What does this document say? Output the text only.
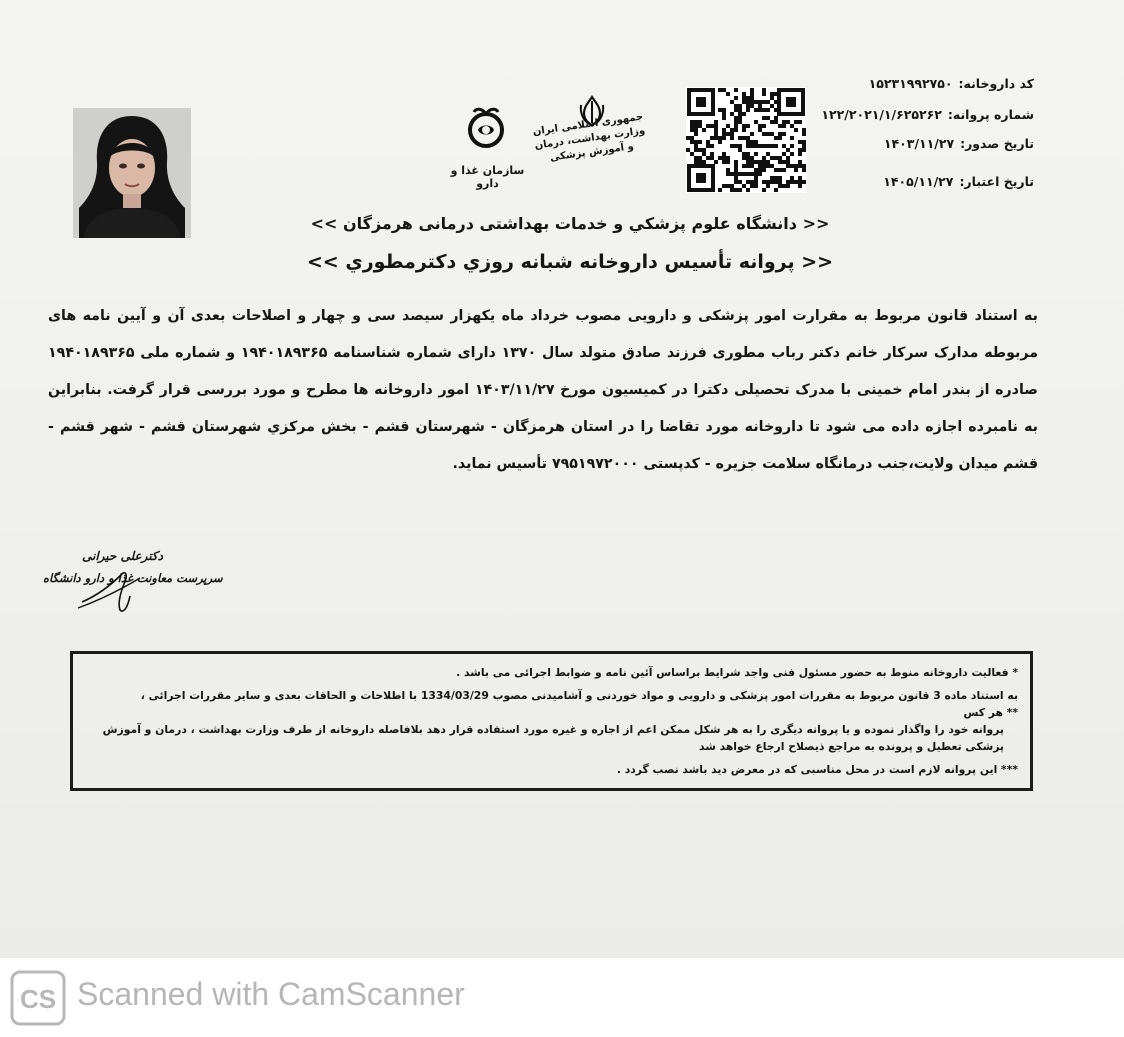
کد داروخانه:۱۵۲۳۱۹۹۲۷۵۰
شماره پروانه:۱۲۲/۲۰۲۱/۱/۶۲۵۲۶۲
تاریخ صدور:۱۴۰۳/۱۱/۲۷
تاریخ اعتبار:۱۴۰۵/۱۱/۲۷
جمهوری اسلامی ایران وزارت بهداشت، درمان و آموزش پزشکی
سازمان غذا و دارو
<< دانشگاه علوم پزشكي و خدمات بهداشتی درمانی هرمزگان >>
<< پروانه تأسیس داروخانه شبانه روزي دكترمطوري >>
به استناد قانون مربوط به مقرارت امور پزشکی و دارویی مصوب خرداد ماه یکهزار سیصد سی و چهار و اصلاحات بعدی آن و آیین نامه های مربوطه مدارک سرکار خانم دکتر رباب مطوری فرزند صادق متولد سال ۱۳۷۰ دارای شماره شناسنامه ۱۹۴۰۱۸۹۳۶۵ و شماره ملی ۱۹۴۰۱۸۹۳۶۵ صادره از بندر امام خمینی با مدرک تحصیلی دکترا در کمیسیون مورخ ۱۴۰۳/۱۱/۲۷ امور داروخانه ها مطرح و مورد بررسی قرار گرفت. بنابراین به نامبرده اجازه داده می شود تا داروخانه مورد تقاضا را در استان هرمزگان - شهرستان قشم - بخش مرکزي شهرستان قشم - شهر قشم - قشم میدان ولایت،جنب درمانگاه سلامت جزیره - کدپستی ۷۹۵۱۹۷۲۰۰۰ تأسیس نماید.
دکترعلی حیرانی
سرپرست معاونت غذا و دارو دانشگاه

* فعالیت داروخانه منوط به حضور مسئول فنی واجد شرایط براساس آئین نامه و ضوابط اجرائی می باشد .

به استناد ماده 3 قانون مربوط به مقررات امور پزشکی و دارویی و مواد خوردنی و آشامیدنی مصوب 1334/03/29 با اطلاحات و الحاقات بعدی و سایر مقررات اجرائی ،

** هر کس

پروانه خود را واگذار نموده و یا پروانه دیگری را به هر شکل ممکن اعم از اجاره و غیره مورد استفاده قرار دهد بلافاصله داروخانه از طرف وزارت بهداشت ، درمان و آموزش پزشکی تعطیل و پرونده به مراجع ذیصلاح ارجاع خواهد شد

*** این پروانه لازم است در محل مناسبی که در معرض دید باشد نصب گردد .

CS Scanned with CamScanner
